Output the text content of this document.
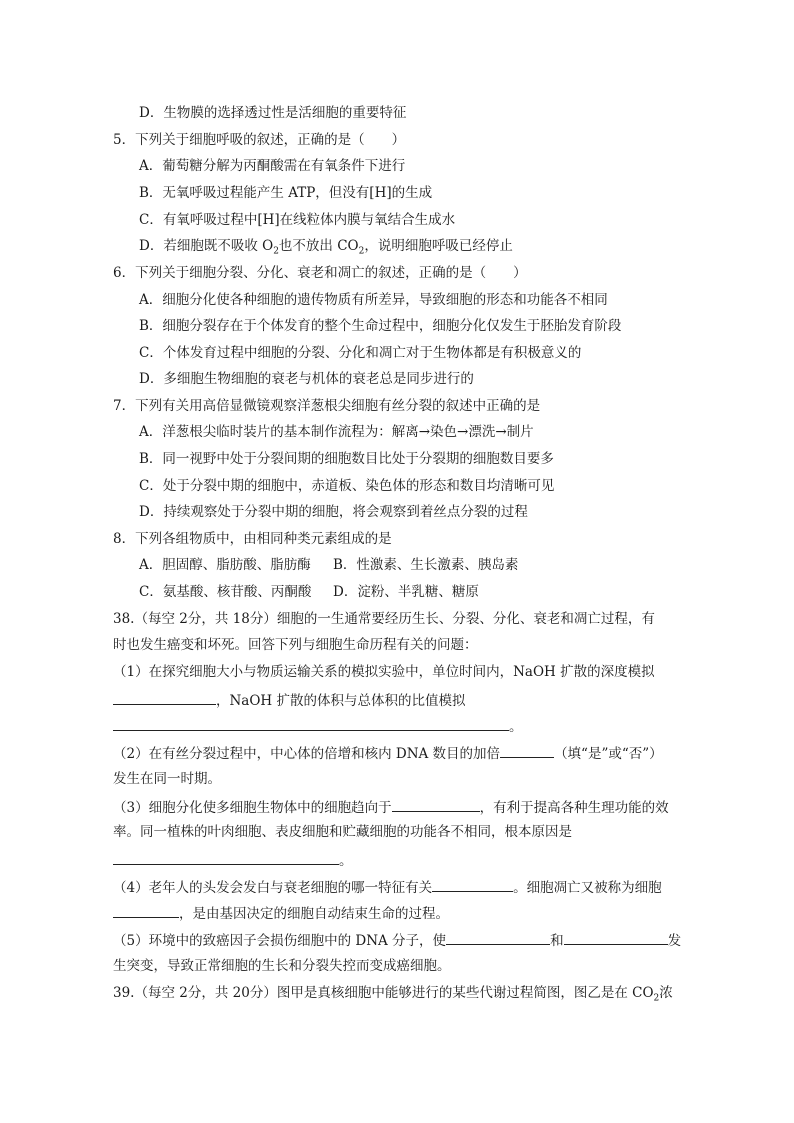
D．生物膜的选择透过性是活细胞的重要特征
5．下列关于细胞呼吸的叙述，正确的是（　　）
A．葡萄糖分解为丙酮酸需在有氧条件下进行
B．无氧呼吸过程能产生 ATP，但没有[H]的生成
C．有氧呼吸过程中[H]在线粒体内膜与氧结合生成水
D．若细胞既不吸收 $O_2$也不放出 $CO_2$，说明细胞呼吸已经停止
6．下列关于细胞分裂、分化、衰老和凋亡的叙述，正确的是（　　）
A．细胞分化使各种细胞的遗传物质有所差异，导致细胞的形态和功能各不相同
B．细胞分裂存在于个体发育的整个生命过程中，细胞分化仅发生于胚胎发育阶段
C．个体发育过程中细胞的分裂、分化和凋亡对于生物体都是有积极意义的
D．多细胞生物细胞的衰老与机体的衰老总是同步进行的
7．下列有关用高倍显微镜观察洋葱根尖细胞有丝分裂的叙述中正确的是
A．洋葱根尖临时装片的基本制作流程为：解离→染色→漂洗→制片
B．同一视野中处于分裂间期的细胞数目比处于分裂期的细胞数目要多
C．处于分裂中期的细胞中，赤道板、染色体的形态和数目均清晰可见
D．持续观察处于分裂中期的细胞，将会观察到着丝点分裂的过程
8．下列各组物质中，由相同种类元素组成的是
A．胆固醇、脂肪酸、脂肪酶 B．性激素、生长激素、胰岛素
C．氨基酸、核苷酸、丙酮酸 D．淀粉、半乳糖、糖原
38.（每空 2分，共 18分）细胞的一生通常要经历生长、分裂、分化、衰老和凋亡过程，有
时也发生癌变和坏死。回答下列与细胞生命历程有关的问题：
（1）在探究细胞大小与物质运输关系的模拟实验中，单位时间内，NaOH 扩散的深度模拟
，NaOH 扩散的体积与总体积的比值模拟
。
（2）在有丝分裂过程中，中心体的倍增和核内 DNA 数目的加倍	（填“是”或“否”）
发生在同一时期。
（3）细胞分化使多细胞生物体中的细胞趋向于	，有利于提高各种生理功能的效
率。同一植株的叶肉细胞、表皮细胞和贮藏细胞的功能各不相同，根本原因是
。
（4）老年人的头发会发白与衰老细胞的哪一特征有关	。细胞凋亡又被称为细胞
，是由基因决定的细胞自动结束生命的过程。
（5）环境中的致癌因子会损伤细胞中的 DNA 分子，使	和	发
生突变，导致正常细胞的生长和分裂失控而变成癌细胞。
39.（每空 2分，共 20分）图甲是真核细胞中能够进行的某些代谢过程简图，图乙是在 $CO_2$浓
